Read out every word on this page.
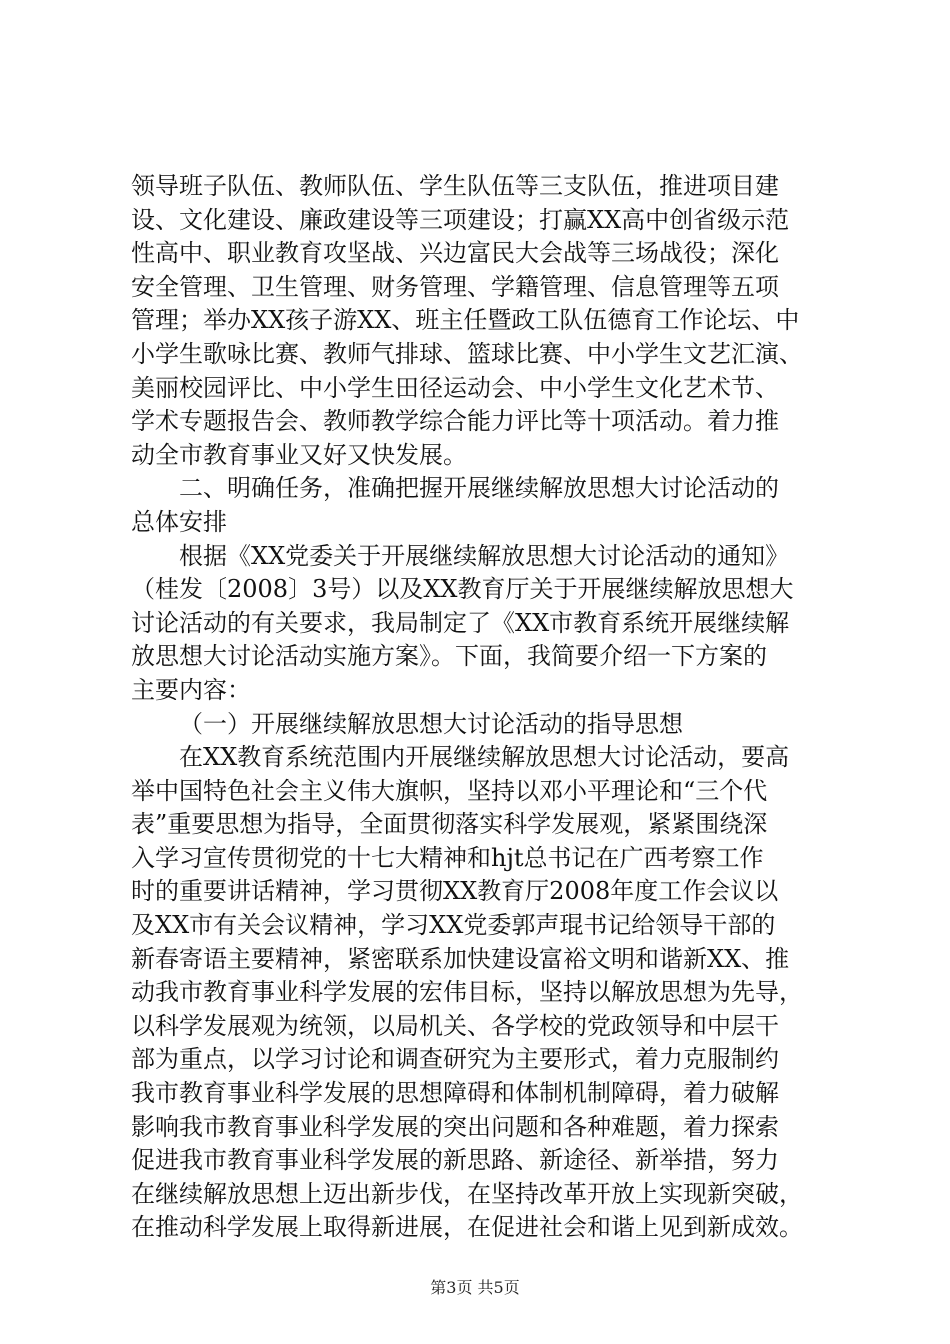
领导班子队伍、教师队伍、学生队伍等三支队伍，推进项目建
设、文化建设、廉政建设等三项建设；打赢XX高中创省级示范
性高中、职业教育攻坚战、兴边富民大会战等三场战役；深化
安全管理、卫生管理、财务管理、学籍管理、信息管理等五项
管理；举办XX孩子游XX、班主任暨政工队伍德育工作论坛、中
小学生歌咏比赛、教师气排球、篮球比赛、中小学生文艺汇演、
美丽校园评比、中小学生田径运动会、中小学生文化艺术节、
学术专题报告会、教师教学综合能力评比等十项活动。着力推
动全市教育事业又好又快发展。
二、明确任务，准确把握开展继续解放思想大讨论活动的
总体安排
根据《XX党委关于开展继续解放思想大讨论活动的通知》
（桂发〔2008〕3号）以及XX教育厅关于开展继续解放思想大
讨论活动的有关要求，我局制定了《XX市教育系统开展继续解
放思想大讨论活动实施方案》。下面，我简要介绍一下方案的
主要内容：
（一）开展继续解放思想大讨论活动的指导思想
在XX教育系统范围内开展继续解放思想大讨论活动，要高
举中国特色社会主义伟大旗帜，坚持以邓小平理论和“三个代
表”重要思想为指导，全面贯彻落实科学发展观，紧紧围绕深
入学习宣传贯彻党的十七大精神和hjt总书记在广西考察工作
时的重要讲话精神，学习贯彻XX教育厅2008年度工作会议以
及XX市有关会议精神，学习XX党委郭声琨书记给领导干部的
新春寄语主要精神，紧密联系加快建设富裕文明和谐新XX、推
动我市教育事业科学发展的宏伟目标，坚持以解放思想为先导，
以科学发展观为统领，以局机关、各学校的党政领导和中层干
部为重点，以学习讨论和调查研究为主要形式，着力克服制约
我市教育事业科学发展的思想障碍和体制机制障碍，着力破解
影响我市教育事业科学发展的突出问题和各种难题，着力探索
促进我市教育事业科学发展的新思路、新途径、新举措，努力
在继续解放思想上迈出新步伐，在坚持改革开放上实现新突破，
在推动科学发展上取得新进展，在促进社会和谐上见到新成效。
第3页 共5页
